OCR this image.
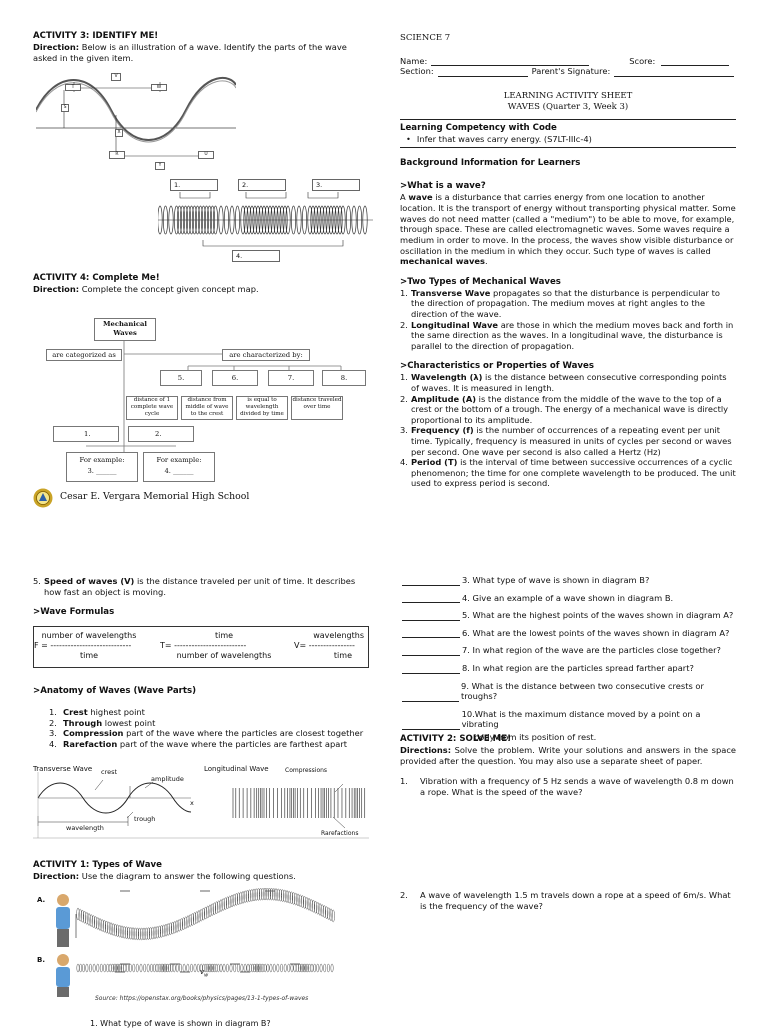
ACTIVITY 3: IDENTIFY ME!
Direction: Below is an illustration of a wave. Identify the parts of the wave asked in the given item.
V
T	W
S
X
R	U
Y
1.	2.	3.
4.
ACTIVITY 4: Complete Me!
Direction: Complete the concept given concept map.
Mechanical
Waves
are categorized as	are characterized by:
5.	6.	7.	8.
distance of 1 complete wave cycle
distance from middle of wave to the crest
is equal to wavelength divided by time
distance traveled over time
1.	2.
For example:
3. ______
For example:
4. ______
Cesar E. Vergara Memorial High School
SCIENCE 7
Name:	Score:
Section:	Parent's Signature:
LEARNING ACTIVITY SHEET
WAVES (Quarter 3, Week 3)
Learning Competency with Code
• Infer that waves carry energy. (S7LT-IIIc-4)
Background Information for Learners
>What is a wave?
A wave is a disturbance that carries energy from one location to another location. It is the transport of energy without transporting physical matter. Some waves do not need matter (called a "medium") to be able to move, for example, through space. These are called electromagnetic waves. Some waves require a medium in order to move. In the process, the waves show visible disturbance or oscillation in the medium in which they occur. Such type of waves is called mechanical waves.
>Two Types of Mechanical Waves
1. Transverse Wave propagates so that the disturbance is perpendicular to the direction of propagation. The medium moves at right angles to the direction of the wave.
2. Longitudinal Wave are those in which the medium moves back and forth in the same direction as the waves. In a longitudinal wave, the disturbance is parallel to the direction of propagation.
>Characteristics or Properties of Waves
1. Wavelength (λ) is the distance between consecutive corresponding points of waves. It is measured in length.
2. Amplitude (A) is the distance from the middle of the wave to the top of a crest or the bottom of a trough. The energy of a mechanical wave is directly proportional to its amplitude.
3. Frequency (f) is the number of occurrences of a repeating event per unit time. Typically, frequency is measured in units of cycles per second or waves per second. One wave per second is also called a Hertz (Hz)
4. Period (T) is the interval of time between successive occurrences of a cyclic phenomenon; the time for one complete wavelength to be produced. The unit used to express period is second.
5. Speed of waves (V) is the distance traveled per unit of time. It describes how fast an object is moving.
>Wave Formulas
number of wavelengths
F = ----------------------------
time
time
T= -------------------------
number of wavelengths
wavelengths
V= ----------------
time
>Anatomy of Waves (Wave Parts)
1. Crest highest point
2. Through lowest point
3. Compression part of the wave where the particles are closest together
4. Rarefaction part of the wave where the particles are farthest apart
Transverse Wave	Longitudinal Wave
crest
amplitude
x
trough
wavelength
Compressions
Rarefactions
ACTIVITY 1: Types of Wave
Direction: Use the diagram to answer the following questions.
A.
B.
$v_w$
Source: https://openstax.org/books/physics/pages/13-1-types-of-waves
1. What type of wave is shown in diagram B?
3. What type of wave is shown in diagram B?
4. Give an example of a wave shown in diagram B.
5. What are the highest points of the waves shown in diagram A?
6. What are the lowest points of the waves shown in diagram A?
7. In what region of the wave are the particles close together?
8. In what region are the particles spread farther apart?
9. What is the distance between two consecutive crests or troughs?
10.What is the maximum distance moved by a point on a vibrating
body from its position of rest.
ACTIVITY 2: SOLVE ME!
Directions: Solve the problem. Write your solutions and answers in the space provided after the question. You may also use a separate sheet of paper.
1.	Vibration with a frequency of 5 Hz sends a wave of wavelength 0.8 m down a rope. What is the speed of the wave?
2.	A wave of wavelength 1.5 m travels down a rope at a speed of 6m/s. What is the frequency of the wave?
